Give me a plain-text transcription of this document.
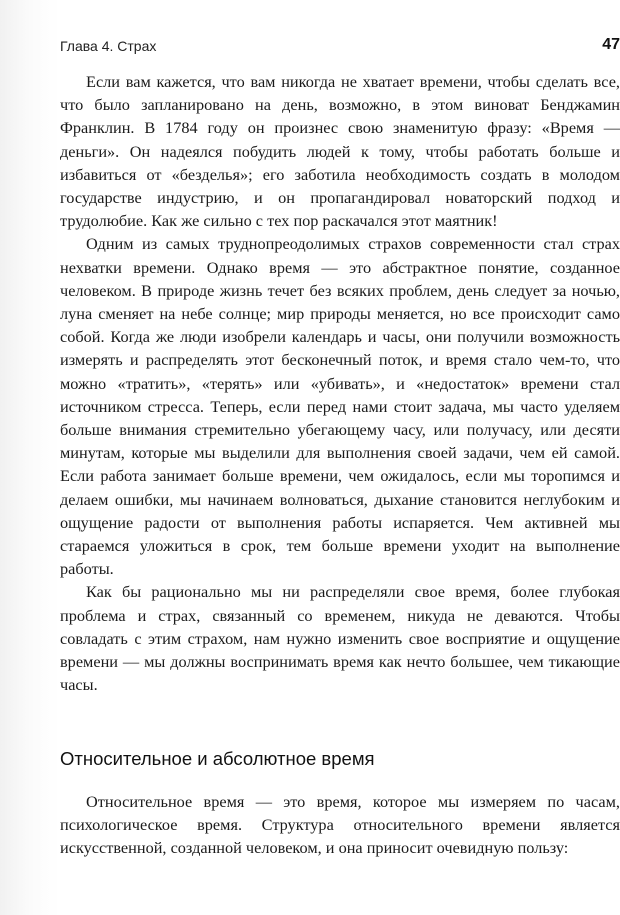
Глава 4. Страх	47

Если вам кажется, что вам никогда не хватает времени, чтобы сделать все, что было запланировано на день, возможно, в этом виноват Бенджамин Франклин. В 1784 году он произнес свою знаменитую фразу: «Время — деньги». Он надеялся побудить людей к тому, чтобы работать больше и избавиться от «безделья»; его заботила необходимость создать в молодом государстве индустрию, и он пропагандировал новаторский подход и трудолюбие. Как же сильно с тех пор раскачался этот маятник!

Одним из самых труднопреодолимых страхов современности стал страх нехватки времени. Однако время — это абстрактное понятие, созданное человеком. В природе жизнь течет без всяких проблем, день следует за ночью, луна сменяет на небе солнце; мир природы меняется, но все происходит само собой. Когда же люди изобрели календарь и часы, они получили возможность измерять и распределять этот бесконечный поток, и время стало чем-то, что можно «тратить», «терять» или «убивать», и «недостаток» времени стал источником стресса. Теперь, если перед нами стоит задача, мы часто уделяем больше внимания стремительно убегающему часу, или получасу, или десяти минутам, которые мы выделили для выполнения своей задачи, чем ей самой. Если работа занимает больше времени, чем ожидалось, если мы торопимся и делаем ошибки, мы начинаем волноваться, дыхание становится неглубоким и ощущение радости от выполнения работы испаряется. Чем активней мы стараемся уложиться в срок, тем больше времени уходит на выполнение работы.

Как бы рационально мы ни распределяли свое время, более глубокая проблема и страх, связанный со временем, никуда не деваются. Чтобы совладать с этим страхом, нам нужно изменить свое восприятие и ощущение времени — мы должны воспринимать время как нечто большее, чем тикающие часы.

Относительное и абсолютное время

Относительное время — это время, которое мы измеряем по часам, психологическое время. Структура относительного времени является искусственной, созданной человеком, и она приносит очевидную пользу:
